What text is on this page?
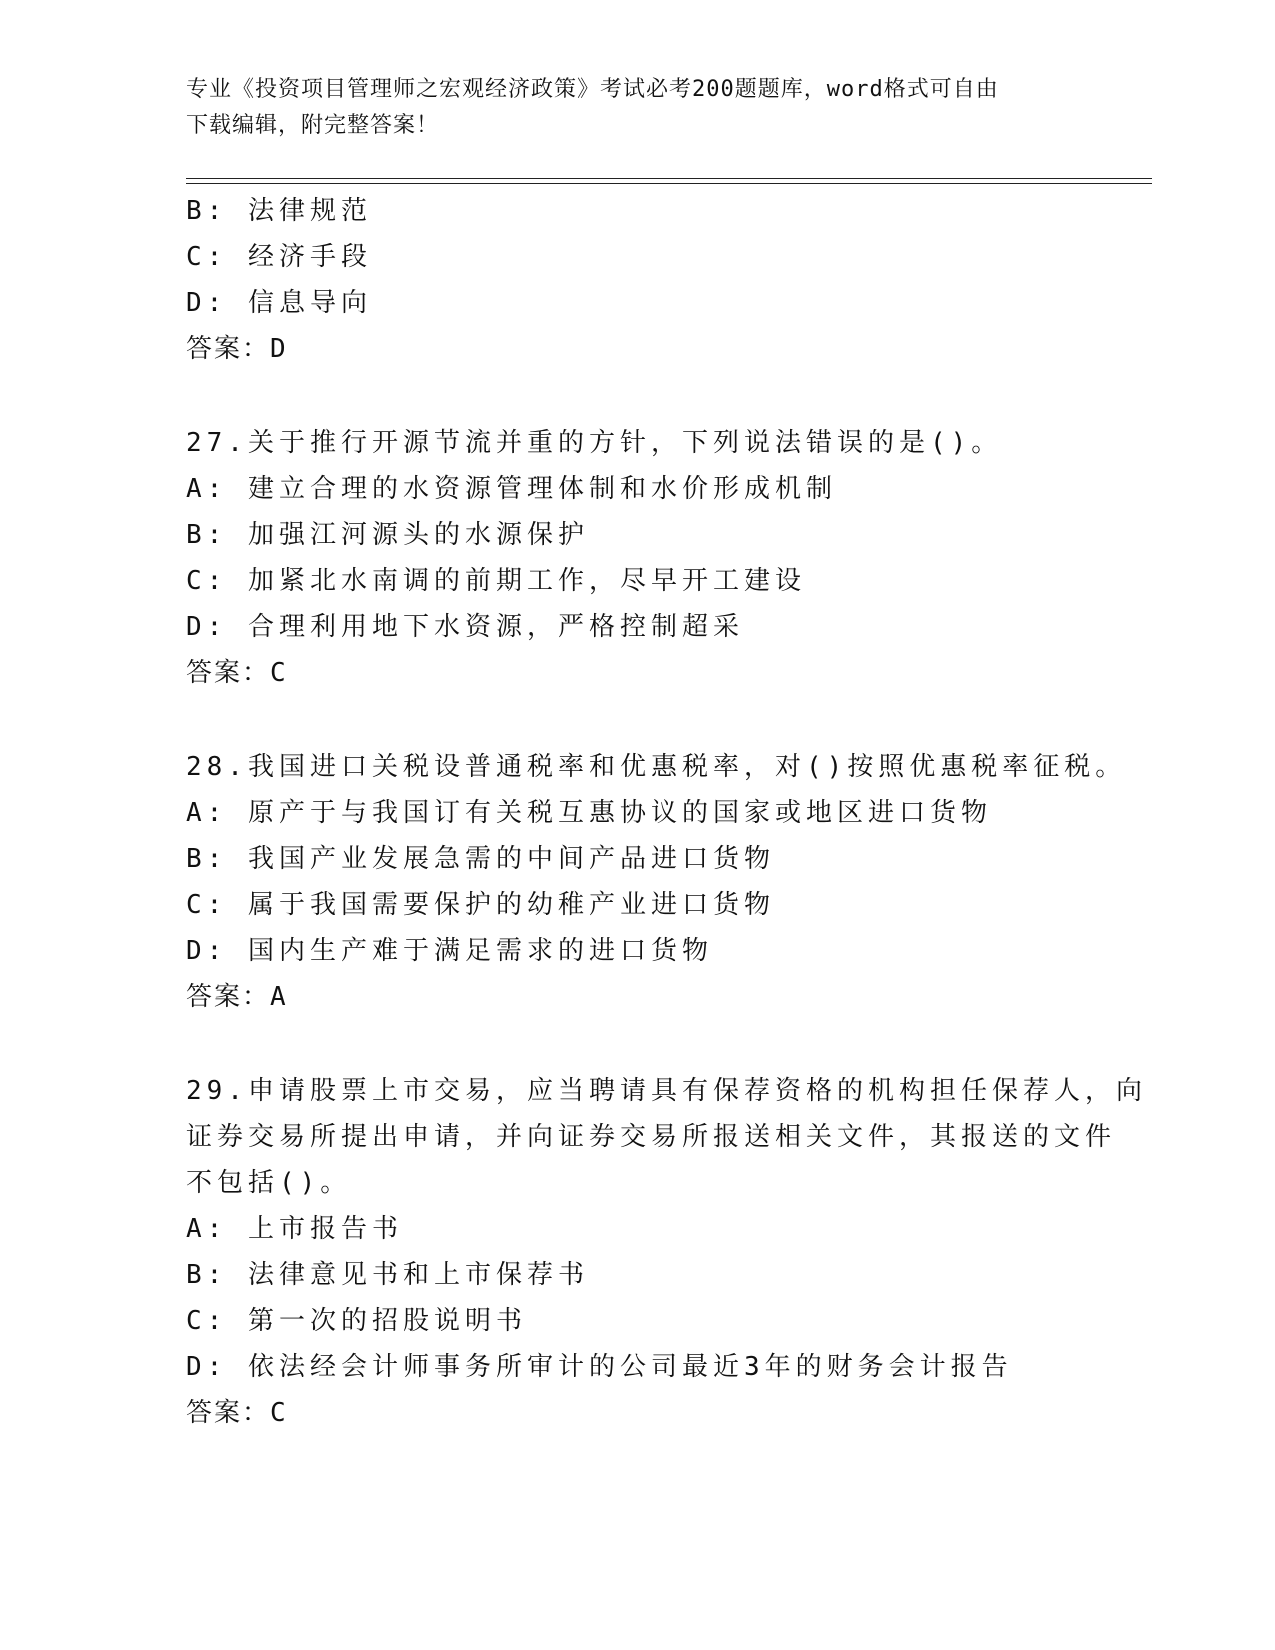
专业《投资项目管理师之宏观经济政策》考试必考200题题库，word格式可自由
下载编辑，附完整答案！
B: 法律规范
C: 经济手段
D: 信息导向
答案：D
27.关于推行开源节流并重的方针，下列说法错误的是()。
A: 建立合理的水资源管理体制和水价形成机制
B: 加强江河源头的水源保护
C: 加紧北水南调的前期工作，尽早开工建设
D: 合理利用地下水资源，严格控制超采
答案：C
28.我国进口关税设普通税率和优惠税率，对()按照优惠税率征税。
A: 原产于与我国订有关税互惠协议的国家或地区进口货物
B: 我国产业发展急需的中间产品进口货物
C: 属于我国需要保护的幼稚产业进口货物
D: 国内生产难于满足需求的进口货物
答案：A
29.申请股票上市交易，应当聘请具有保荐资格的机构担任保荐人，向
证券交易所提出申请，并向证券交易所报送相关文件，其报送的文件
不包括()。
A: 上市报告书
B: 法律意见书和上市保荐书
C: 第一次的招股说明书
D: 依法经会计师事务所审计的公司最近3年的财务会计报告
答案：C
